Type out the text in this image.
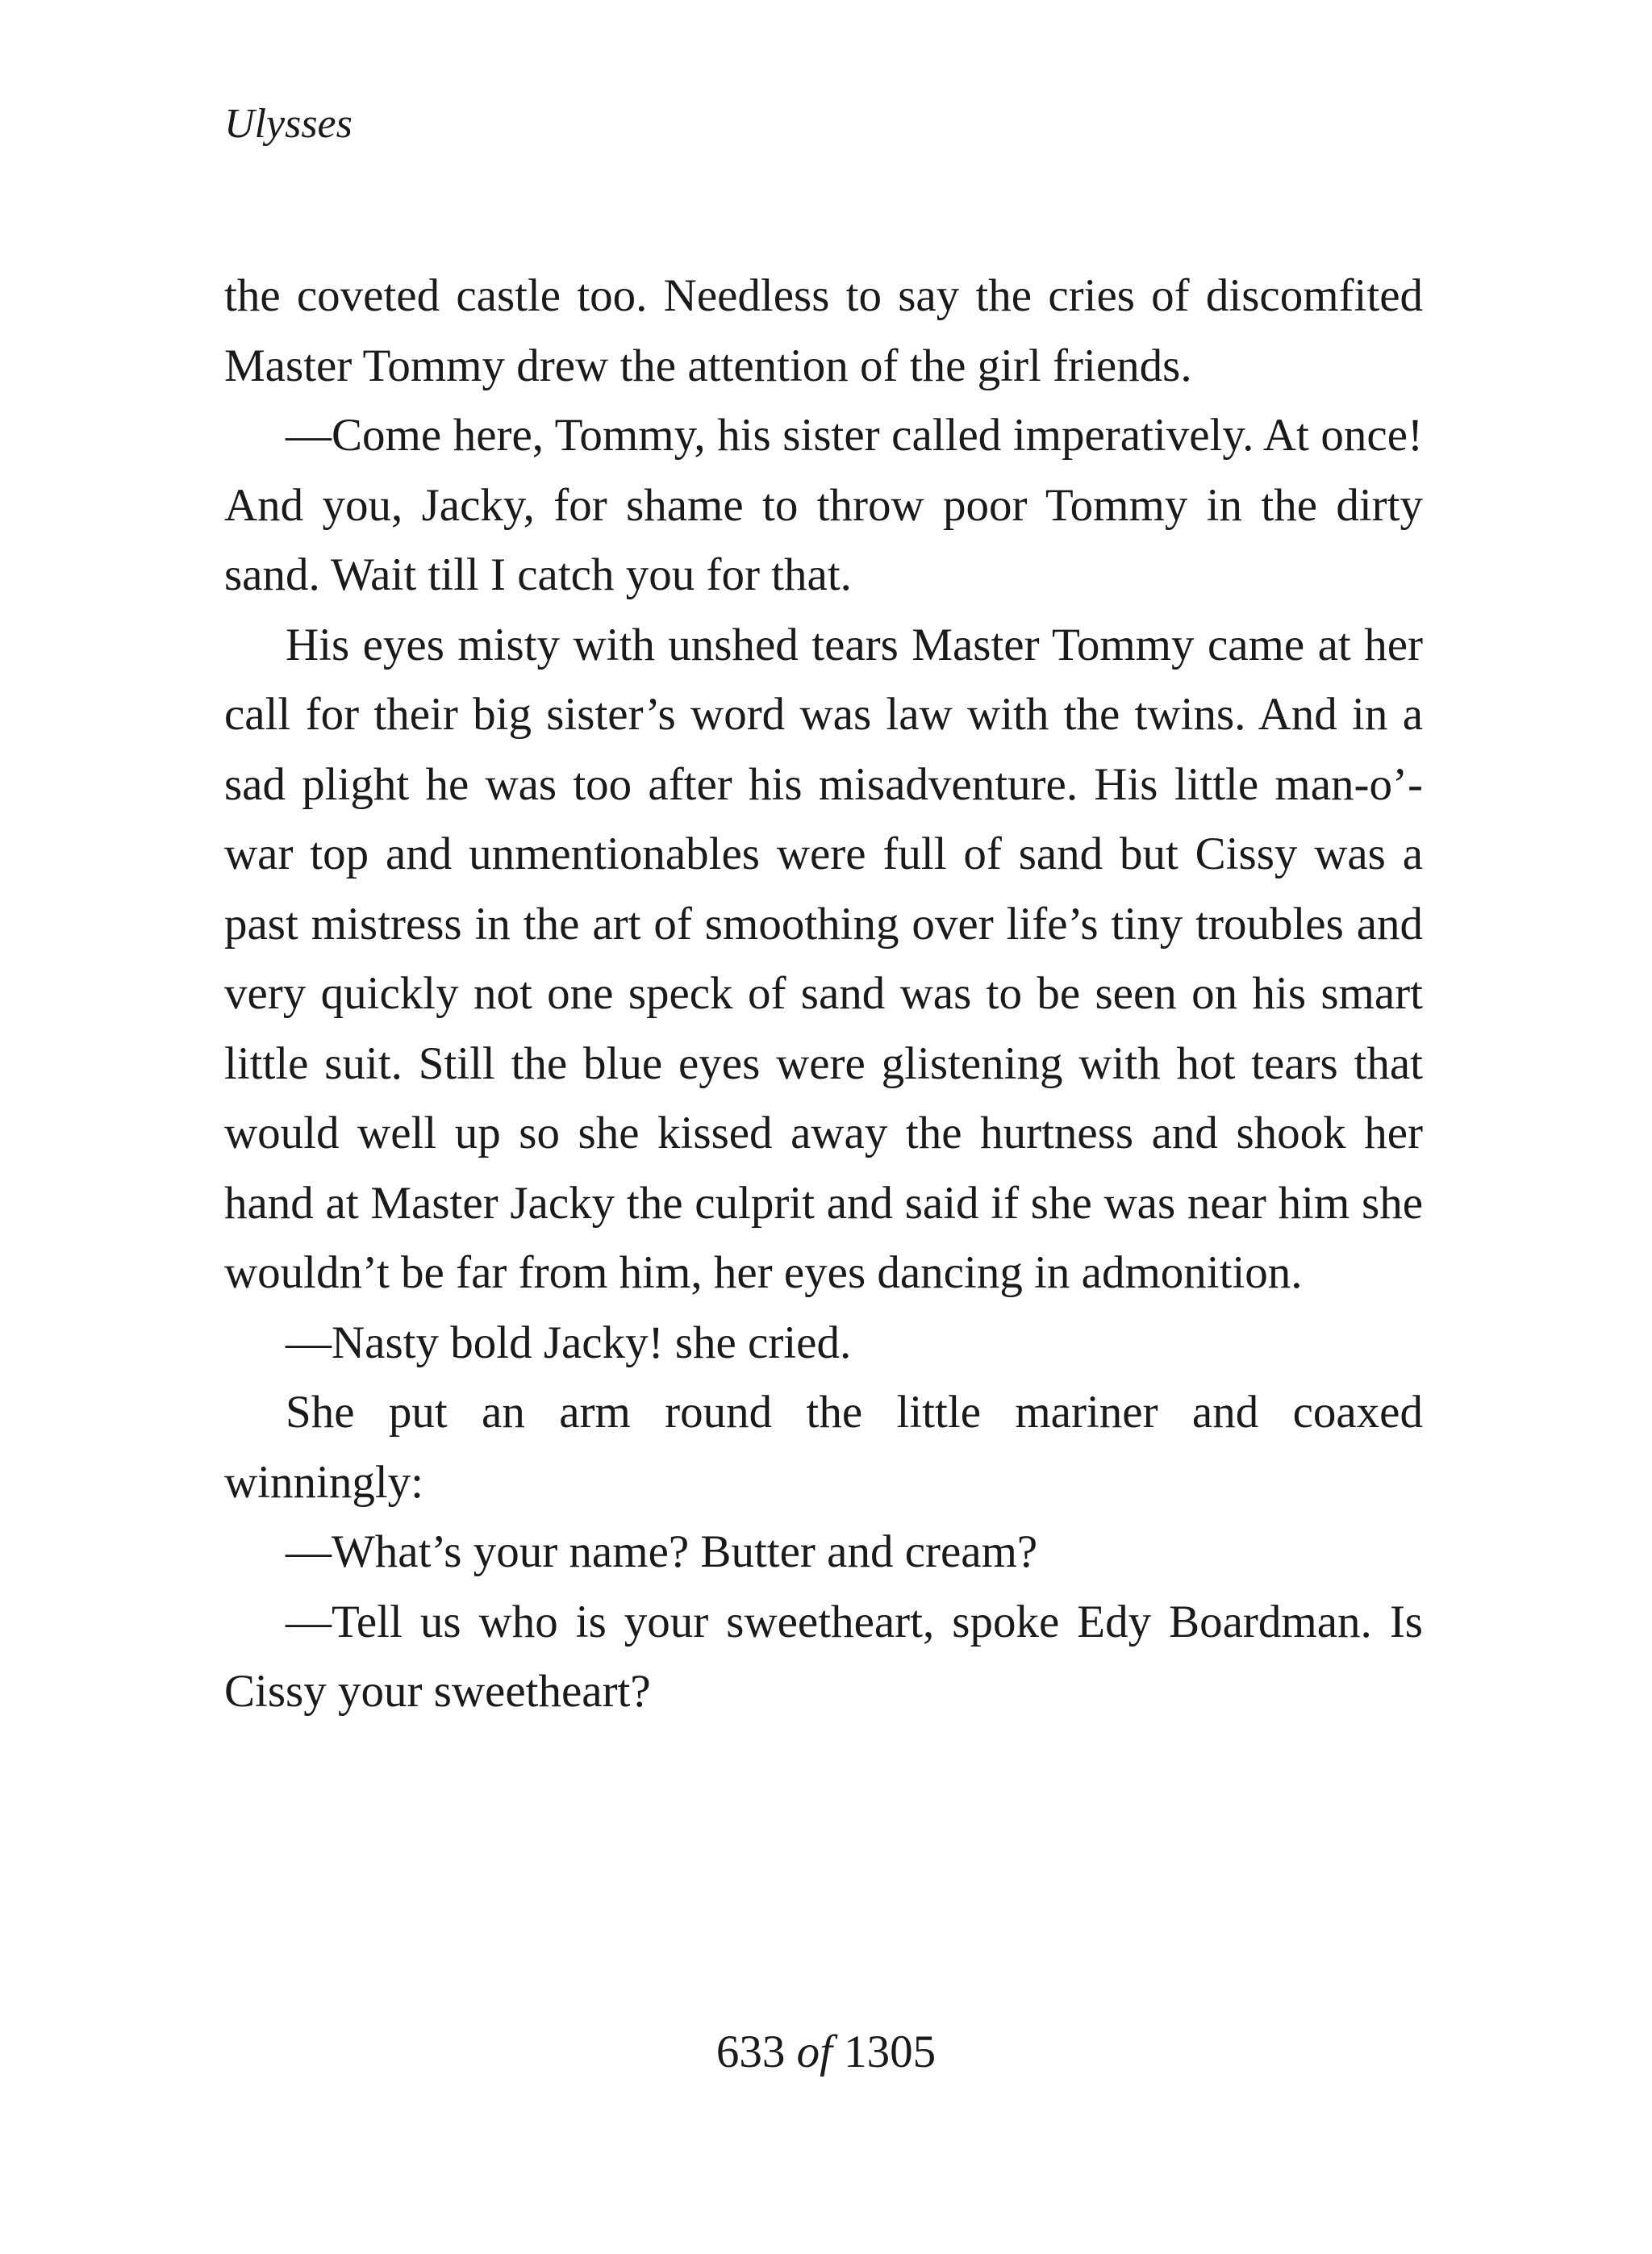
Ulysses

the coveted castle too. Needless to say the cries of discomfited Master Tommy drew the attention of the girl friends.

—Come here, Tommy, his sister called imperatively. At once! And you, Jacky, for shame to throw poor Tommy in the dirty sand. Wait till I catch you for that.

His eyes misty with unshed tears Master Tommy came at her call for their big sister’s word was law with the twins. And in a sad plight he was too after his misadventure. His little man-o’-war top and unmentionables were full of sand but Cissy was a past mistress in the art of smoothing over life’s tiny troubles and very quickly not one speck of sand was to be seen on his smart little suit. Still the blue eyes were glistening with hot tears that would well up so she kissed away the hurtness and shook her hand at Master Jacky the culprit and said if she was near him she wouldn’t be far from him, her eyes dancing in admonition.

—Nasty bold Jacky! she cried.

She put an arm round the little mariner and coaxed winningly:

—What’s your name? Butter and cream?

—Tell us who is your sweetheart, spoke Edy Boardman. Is Cissy your sweetheart?

633 of 1305
